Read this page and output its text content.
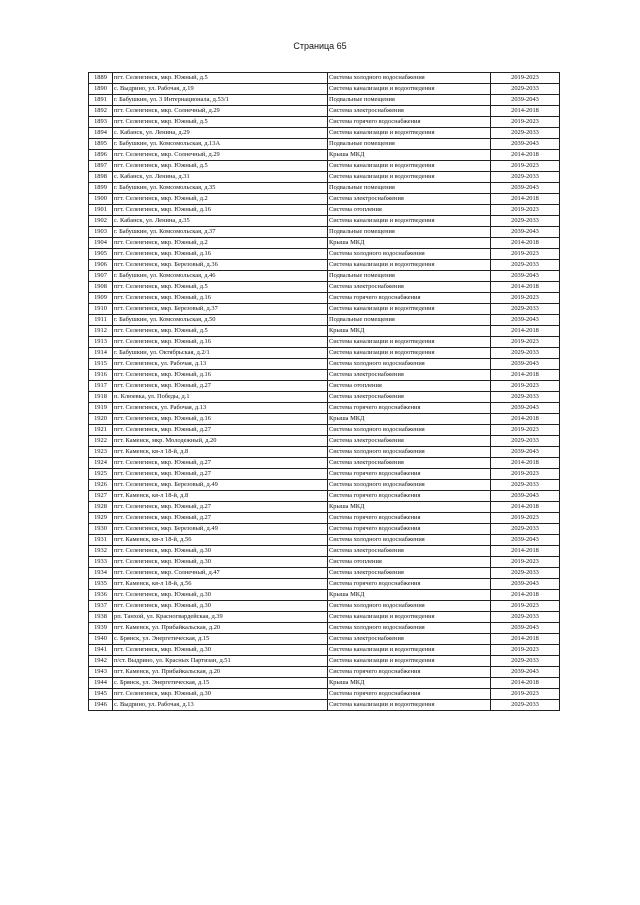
Страница 65
1889	пгт. Селенгинск, мкр. Южный, д.5	Система холодного водоснабжения	2019-2023
1890	с. Выдрино, ул. Рабочая, д.19	Система канализации и водоотведения	2029-2033
1891	г. Бабушкин, ул. 3 Интернационала, д.53/1	Подвальные помещения	2039-2043
1892	пгт. Селенгинск, мкр. Солнечный, д.29	Система электроснабжения	2014-2018
1893	пгт. Селенгинск, мкр. Южный, д.5	Система горячего водоснабжения	2019-2023
1894	с. Кабанск, ул. Ленина, д.29	Система канализации и водоотведения	2029-2033
1895	г. Бабушкин, ул. Комсомольская, д.13А	Подвальные помещения	2039-2043
1896	пгт. Селенгинск, мкр. Солнечный, д.29	Крыша МКД	2014-2018
1897	пгт. Селенгинск, мкр. Южный, д.5	Система канализации и водоотведения	2019-2023
1898	с. Кабанск, ул. Ленина, д.31	Система канализации и водоотведения	2029-2033
1899	г. Бабушкин, ул. Комсомольская, д.35	Подвальные помещения	2039-2043
1900	пгт. Селенгинск, мкр. Южный, д.2	Система электроснабжения	2014-2018
1901	пгт. Селенгинск, мкр. Южный, д.16	Система отопления	2019-2023
1902	с. Кабанск, ул. Ленина, д.35	Система канализации и водоотведения	2029-2033
1903	г. Бабушкин, ул. Комсомольская, д.37	Подвальные помещения	2039-2043
1904	пгт. Селенгинск, мкр. Южный, д.2	Крыша МКД	2014-2018
1905	пгт. Селенгинск, мкр. Южный, д.16	Система холодного водоснабжения	2019-2023
1906	пгт. Селенгинск, мкр. Березовый, д.36	Система канализации и водоотведения	2029-2033
1907	г. Бабушкин, ул. Комсомольская, д.46	Подвальные помещения	2039-2043
1908	пгт. Селенгинск, мкр. Южный, д.5	Система электроснабжения	2014-2018
1909	пгт. Селенгинск, мкр. Южный, д.16	Система горячего водоснабжения	2019-2023
1910	пгт. Селенгинск, мкр. Березовый, д.37	Система канализации и водоотведения	2029-2033
1911	г. Бабушкин, ул. Комсомольская, д.50	Подвальные помещения	2039-2043
1912	пгт. Селенгинск, мкр. Южный, д.5	Крыша МКД	2014-2018
1913	пгт. Селенгинск, мкр. Южный, д.16	Система канализации и водоотведения	2019-2023
1914	г. Бабушкин, ул. Октябрьская, д.2/1	Система канализации и водоотведения	2029-2033
1915	пгт. Селенгинск, ул. Рабочая, д.13	Система холодного водоснабжения	2039-2043
1916	пгт. Селенгинск, мкр. Южный, д.16	Система электроснабжения	2014-2018
1917	пгт. Селенгинск, мкр. Южный, д.27	Система отопления	2019-2023
1918	п. Клюевка, ул. Победы, д.1	Система электроснабжения	2029-2033
1919	пгт. Селенгинск, ул. Рабочая, д.13	Система горячего водоснабжения	2039-2043
1920	пгт. Селенгинск, мкр. Южный, д.16	Крыша МКД	2014-2018
1921	пгт. Селенгинск, мкр. Южный, д.27	Система холодного водоснабжения	2019-2023
1922	пгт. Каменск, мкр. Молодежный, д.20	Система электроснабжения	2029-2033
1923	пгт. Каменск, кв-л 18-й, д.8	Система холодного водоснабжения	2039-2043
1924	пгт. Селенгинск, мкр. Южный, д.27	Система электроснабжения	2014-2018
1925	пгт. Селенгинск, мкр. Южный, д.27	Система горячего водоснабжения	2019-2023
1926	пгт. Селенгинск, мкр. Березовый, д.49	Система холодного водоснабжения	2029-2033
1927	пгт. Каменск, кв-л 18-й, д.8	Система горячего водоснабжения	2039-2043
1928	пгт. Селенгинск, мкр. Южный, д.27	Крыша МКД	2014-2018
1929	пгт. Селенгинск, мкр. Южный, д.27	Система горячего водоснабжения	2019-2023
1930	пгт. Селенгинск, мкр. Березовый, д.49	Система горячего водоснабжения	2029-2033
1931	пгт. Каменск, кв-л 18-й, д.56	Система холодного водоснабжения	2039-2043
1932	пгт. Селенгинск, мкр. Южный, д.30	Система электроснабжения	2014-2018
1933	пгт. Селенгинск, мкр. Южный, д.30	Система отопления	2019-2023
1934	пгт. Селенгинск, мкр. Солнечный, д.47	Система электроснабжения	2029-2033
1935	пгт. Каменск, кв-л 18-й, д.56	Система горячего водоснабжения	2039-2043
1936	пгт. Селенгинск, мкр. Южный, д.30	Крыша МКД	2014-2018
1937	пгт. Селенгинск, мкр. Южный, д.30	Система холодного водоснабжения	2019-2023
1938	рп. Танхой, ул. Красногвардейская, д.39	Система канализации и водоотведения	2029-2033
1939	пгт. Каменск, ул. Прибайкальская, д.20	Система холодного водоснабжения	2039-2043
1940	с. Брянск, ул. Энергетическая, д.15	Система электроснабжения	2014-2018
1941	пгт. Селенгинск, мкр. Южный, д.30	Система канализации и водоотведения	2019-2023
1942	п/ст. Выдрино, ул. Красных Партизан, д.51	Система канализации и водоотведения	2029-2033
1943	пгт. Каменск, ул. Прибайкальская, д.20	Система горячего водоснабжения	2039-2043
1944	с. Брянск, ул. Энергетическая, д.15	Крыша МКД	2014-2018
1945	пгт. Селенгинск, мкр. Южный, д.30	Система горячего водоснабжения	2019-2023
1946	с. Выдрино, ул. Рабочая, д.13	Система канализации и водоотведения	2029-2033
